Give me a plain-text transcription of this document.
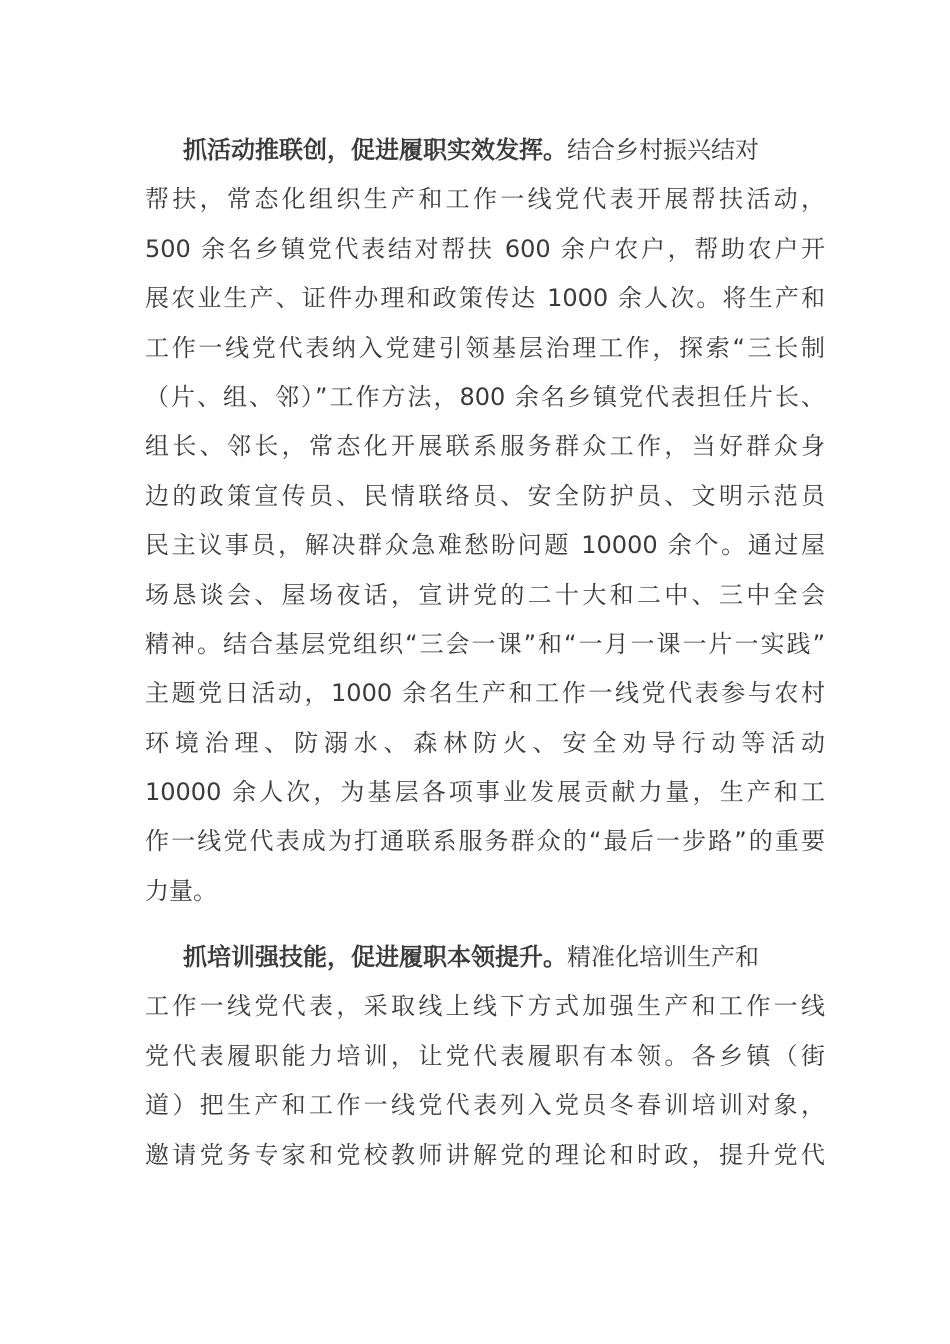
抓活动推联创，促进履职实效发挥。结合乡村振兴结对
帮扶，常态化组织生产和工作一线党代表开展帮扶活动，
500 余名乡镇党代表结对帮扶 600 余户农户，帮助农户开
展农业生产、证件办理和政策传达 1000 余人次。将生产和
工作一线党代表纳入党建引领基层治理工作，探索“三长制
（片、组、邻）”工作方法，800 余名乡镇党代表担任片长、
组长、邻长，常态化开展联系服务群众工作，当好群众身
边的政策宣传员、民情联络员、安全防护员、文明示范员
民主议事员，解决群众急难愁盼问题 10000 余个。通过屋
场恳谈会、屋场夜话，宣讲党的二十大和二中、三中全会
精神。结合基层党组织“三会一课”和“一月一课一片一实践”
主题党日活动，1000 余名生产和工作一线党代表参与农村
环境治理、防溺水、森林防火、安全劝导行动等活动
10000 余人次，为基层各项事业发展贡献力量，生产和工
作一线党代表成为打通联系服务群众的“最后一步路”的重要
力量。
抓培训强技能，促进履职本领提升。精准化培训生产和
工作一线党代表，采取线上线下方式加强生产和工作一线
党代表履职能力培训，让党代表履职有本领。各乡镇（街
道）把生产和工作一线党代表列入党员冬春训培训对象，
邀请党务专家和党校教师讲解党的理论和时政，提升党代
